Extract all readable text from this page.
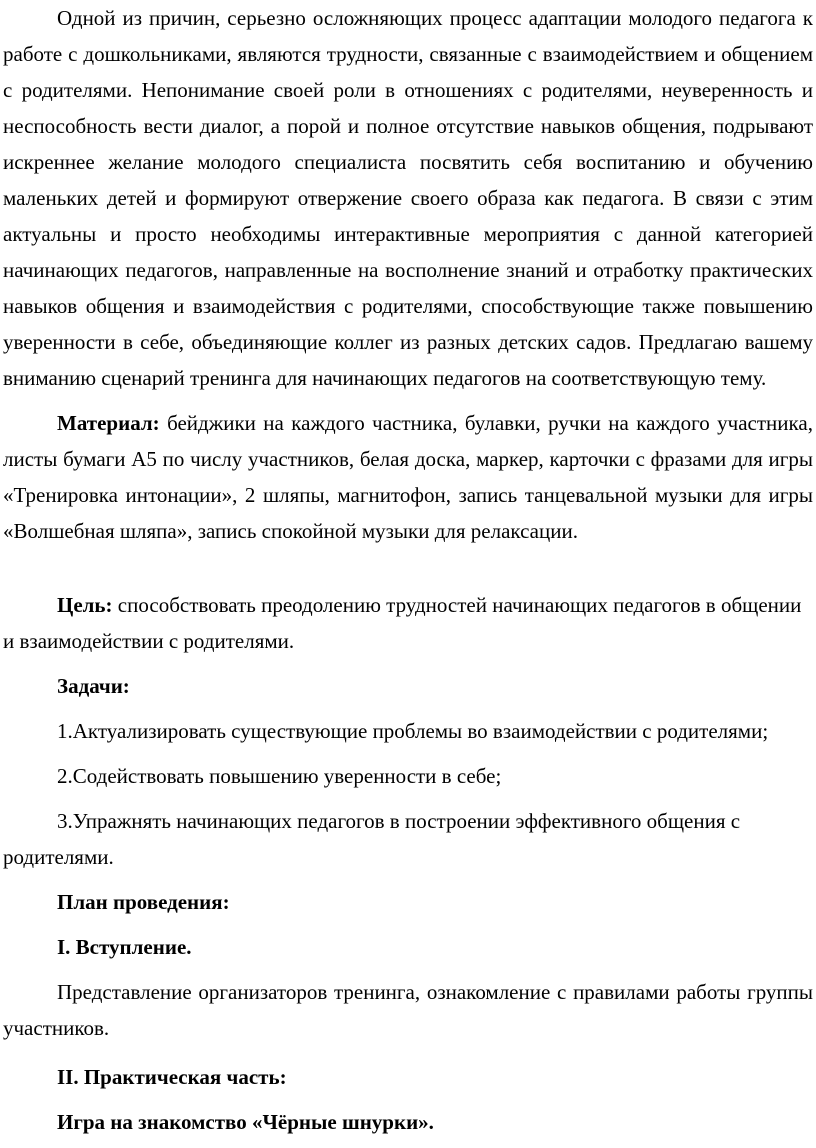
Одной из причин, серьезно осложняющих процесс адаптации молодого педагога к работе с дошкольниками, являются трудности, связанные с взаимодействием и общением с родителями. Непонимание своей роли в отношениях с родителями, неуверенность и неспособность вести диалог, а порой и полное отсутствие навыков общения, подрывают искреннее желание молодого специалиста посвятить себя воспитанию и обучению маленьких детей и формируют отвержение своего образа как педагога. В связи с этим актуальны и просто необходимы интерактивные мероприятия с данной категорией начинающих педагогов, направленные на восполнение знаний и отработку практических навыков общения и взаимодействия с родителями, способствующие также повышению уверенности в себе, объединяющие коллег из разных детских садов. Предлагаю вашему вниманию сценарий тренинга для начинающих педагогов на соответствующую тему.

Материал: бейджики на каждого частника, булавки, ручки на каждого участника, листы бумаги А5 по числу участников, белая доска, маркер, карточки с фразами для игры «Тренировка интонации», 2 шляпы, магнитофон, запись танцевальной музыки для игры «Волшебная шляпа», запись спокойной музыки для релаксации.

Цель: способствовать преодолению трудностей начинающих педагогов в общении и взаимодействии с родителями.

Задачи:

1.Актуализировать существующие проблемы во взаимодействии с родителями;

2.Содействовать повышению уверенности в себе;

3.Упражнять начинающих педагогов в построении эффективного общения с родителями.

План проведения:

I. Вступление.

Представление организаторов тренинга, ознакомление с правилами работы группы участников.

II. Практическая часть:

Игра на знакомство «Чёрные шнурки».
